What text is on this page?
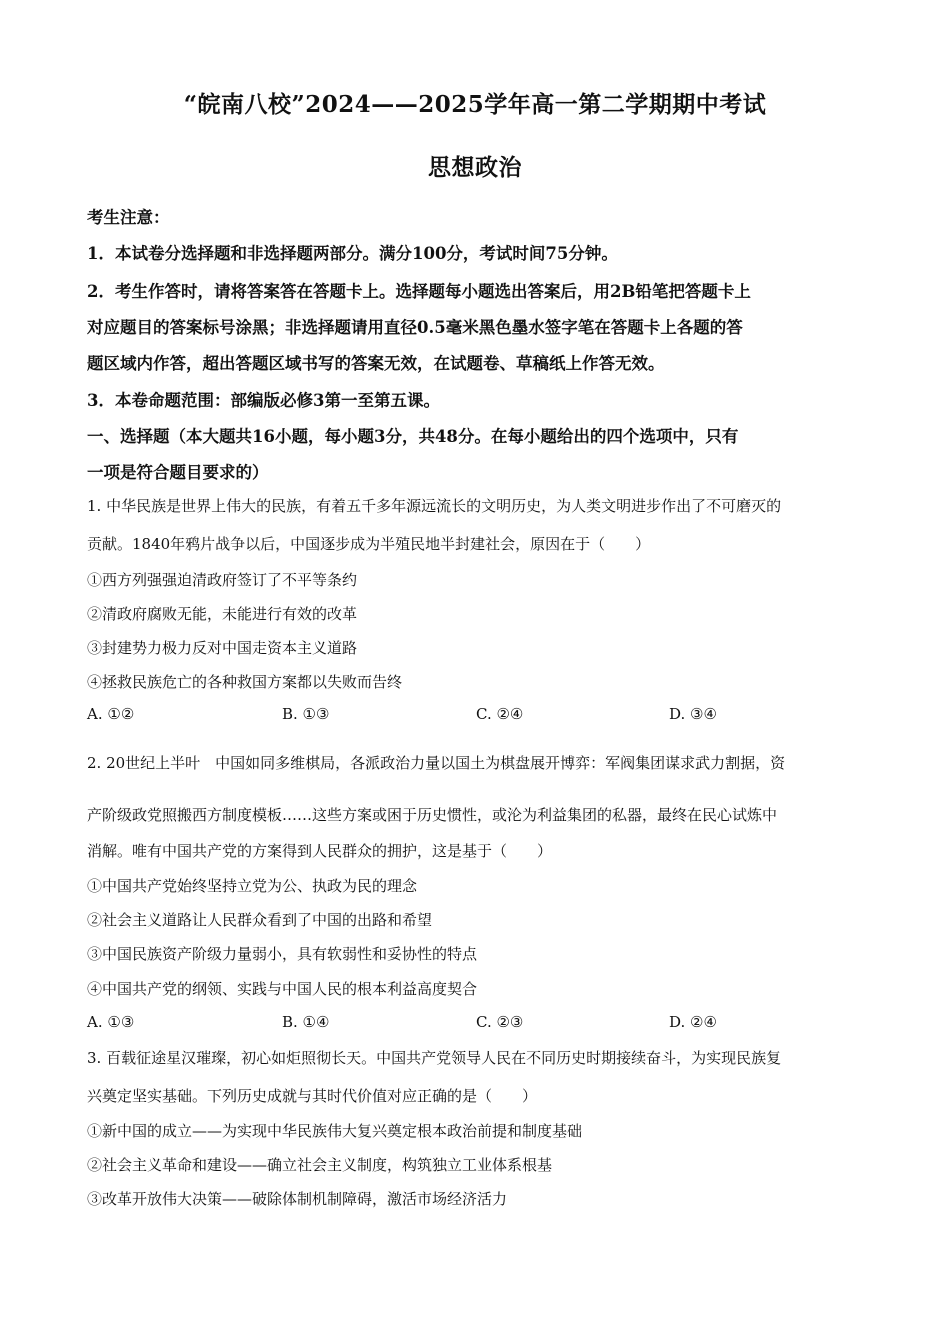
“皖南八校”2024——2025学年高一第二学期期中考试
思想政治
考生注意：
1．本试卷分选择题和非选择题两部分。满分100分，考试时间75分钟。
2．考生作答时，请将答案答在答题卡上。选择题每小题选出答案后，用2B铅笔把答题卡上
对应题目的答案标号涂黑；非选择题请用直径0.5毫米黑色墨水签字笔在答题卡上各题的答
题区域内作答，超出答题区域书写的答案无效，在试题卷、草稿纸上作答无效。
3．本卷命题范围：部编版必修3第一至第五课。
一、选择题（本大题共16小题，每小题3分，共48分。在每小题给出的四个选项中，只有
一项是符合题目要求的）
1. 中华民族是世界上伟大的民族，有着五千多年源远流长的文明历史，为人类文明进步作出了不可磨灭的
贡献。1840年鸦片战争以后，中国逐步成为半殖民地半封建社会，原因在于（　　）
①西方列强强迫清政府签订了不平等条约
②清政府腐败无能，未能进行有效的改革
③封建势力极力反对中国走资本主义道路
④拯救民族危亡的各种救国方案都以失败而告终
A. ①②	B. ①③	C. ②④	D. ③④
2. 20世纪上半叶　中国如同多维棋局，各派政治力量以国土为棋盘展开博弈：军阀集团谋求武力割据，资
产阶级政党照搬西方制度模板……这些方案或困于历史惯性，或沦为利益集团的私器，最终在民心试炼中
消解。唯有中国共产党的方案得到人民群众的拥护，这是基于（　　）
①中国共产党始终坚持立党为公、执政为民的理念
②社会主义道路让人民群众看到了中国的出路和希望
③中国民族资产阶级力量弱小，具有软弱性和妥协性的特点
④中国共产党的纲领、实践与中国人民的根本利益高度契合
A. ①③	B. ①④	C. ②③	D. ②④
3. 百载征途星汉璀璨，初心如炬照彻长天。中国共产党领导人民在不同历史时期接续奋斗，为实现民族复
兴奠定坚实基础。下列历史成就与其时代价值对应正确的是（　　）
①新中国的成立——为实现中华民族伟大复兴奠定根本政治前提和制度基础
②社会主义革命和建设——确立社会主义制度，构筑独立工业体系根基
③改革开放伟大决策——破除体制机制障碍，激活市场经济活力
